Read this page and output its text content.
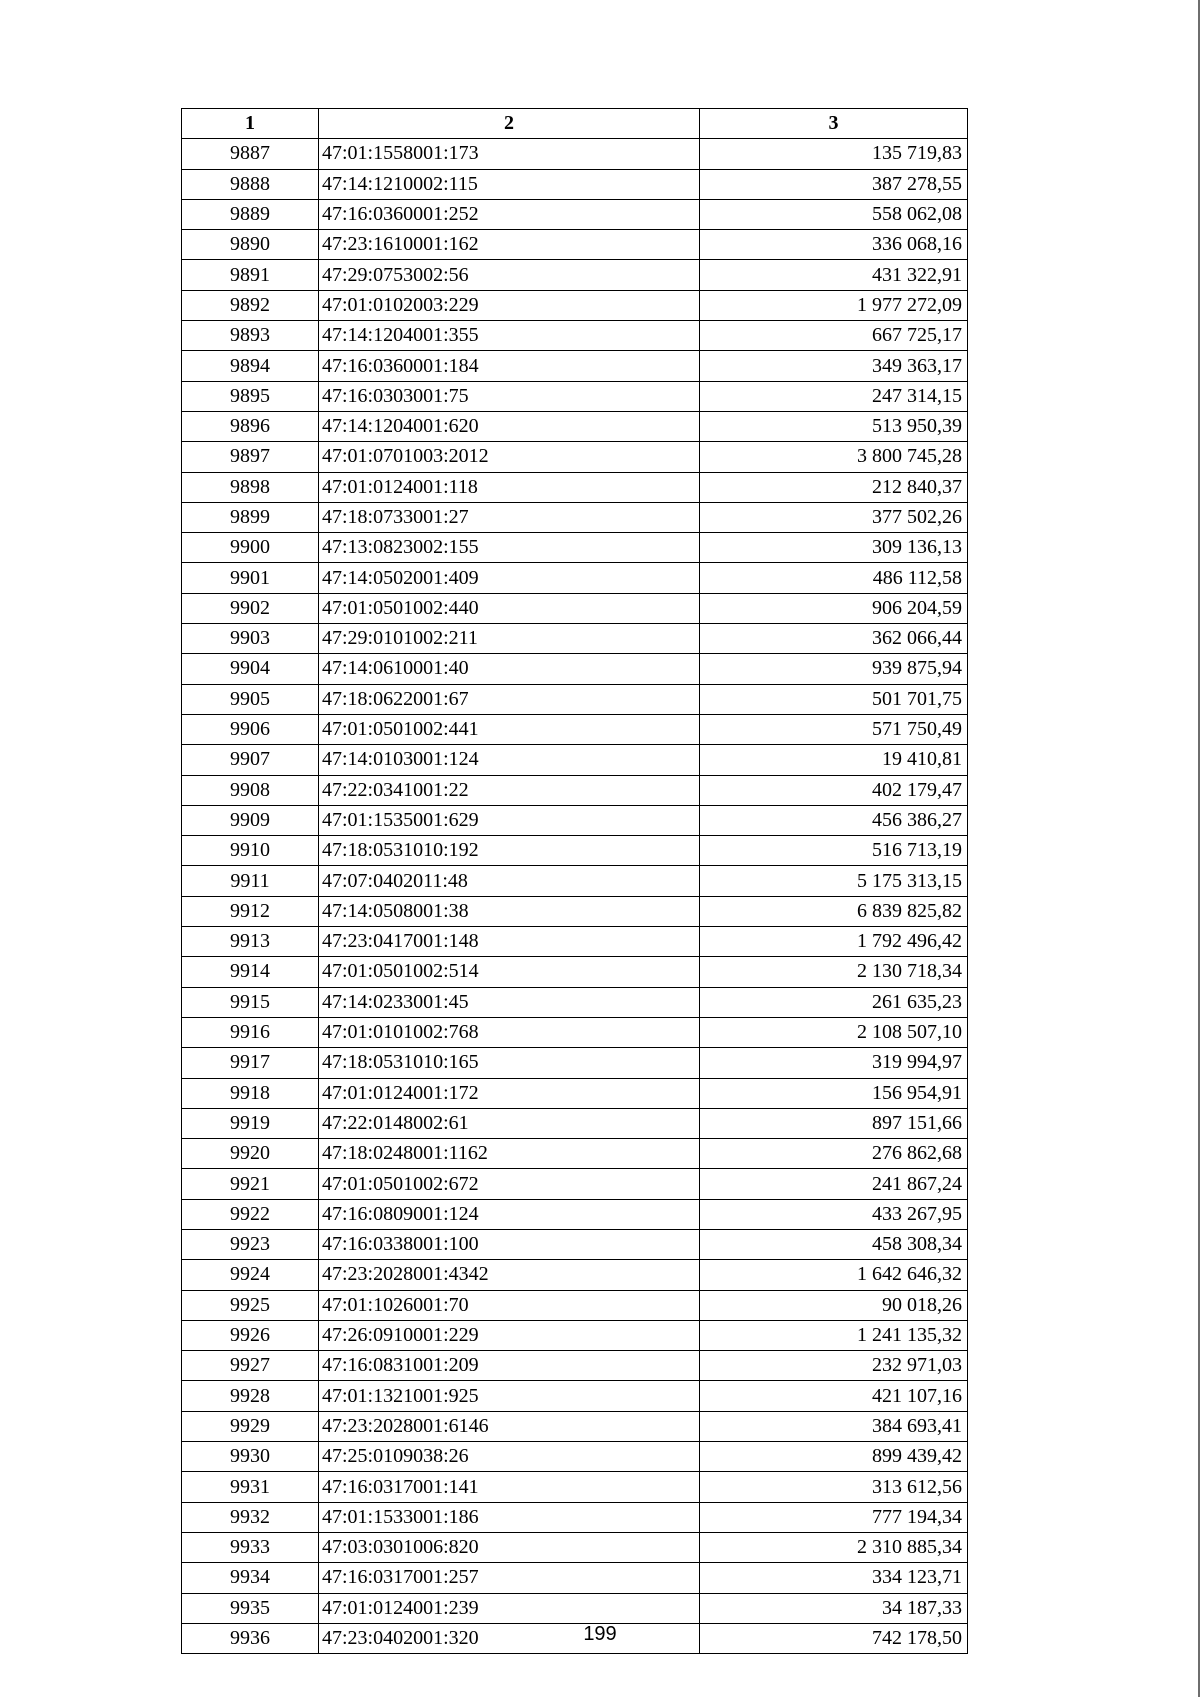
1	2	3
9887	47:01:1558001:173	135 719,83
9888	47:14:1210002:115	387 278,55
9889	47:16:0360001:252	558 062,08
9890	47:23:1610001:162	336 068,16
9891	47:29:0753002:56	431 322,91
9892	47:01:0102003:229	1 977 272,09
9893	47:14:1204001:355	667 725,17
9894	47:16:0360001:184	349 363,17
9895	47:16:0303001:75	247 314,15
9896	47:14:1204001:620	513 950,39
9897	47:01:0701003:2012	3 800 745,28
9898	47:01:0124001:118	212 840,37
9899	47:18:0733001:27	377 502,26
9900	47:13:0823002:155	309 136,13
9901	47:14:0502001:409	486 112,58
9902	47:01:0501002:440	906 204,59
9903	47:29:0101002:211	362 066,44
9904	47:14:0610001:40	939 875,94
9905	47:18:0622001:67	501 701,75
9906	47:01:0501002:441	571 750,49
9907	47:14:0103001:124	19 410,81
9908	47:22:0341001:22	402 179,47
9909	47:01:1535001:629	456 386,27
9910	47:18:0531010:192	516 713,19
9911	47:07:0402011:48	5 175 313,15
9912	47:14:0508001:38	6 839 825,82
9913	47:23:0417001:148	1 792 496,42
9914	47:01:0501002:514	2 130 718,34
9915	47:14:0233001:45	261 635,23
9916	47:01:0101002:768	2 108 507,10
9917	47:18:0531010:165	319 994,97
9918	47:01:0124001:172	156 954,91
9919	47:22:0148002:61	897 151,66
9920	47:18:0248001:1162	276 862,68
9921	47:01:0501002:672	241 867,24
9922	47:16:0809001:124	433 267,95
9923	47:16:0338001:100	458 308,34
9924	47:23:2028001:4342	1 642 646,32
9925	47:01:1026001:70	90 018,26
9926	47:26:0910001:229	1 241 135,32
9927	47:16:0831001:209	232 971,03
9928	47:01:1321001:925	421 107,16
9929	47:23:2028001:6146	384 693,41
9930	47:25:0109038:26	899 439,42
9931	47:16:0317001:141	313 612,56
9932	47:01:1533001:186	777 194,34
9933	47:03:0301006:820	2 310 885,34
9934	47:16:0317001:257	334 123,71
9935	47:01:0124001:239	34 187,33
9936	47:23:0402001:320	742 178,50
199
